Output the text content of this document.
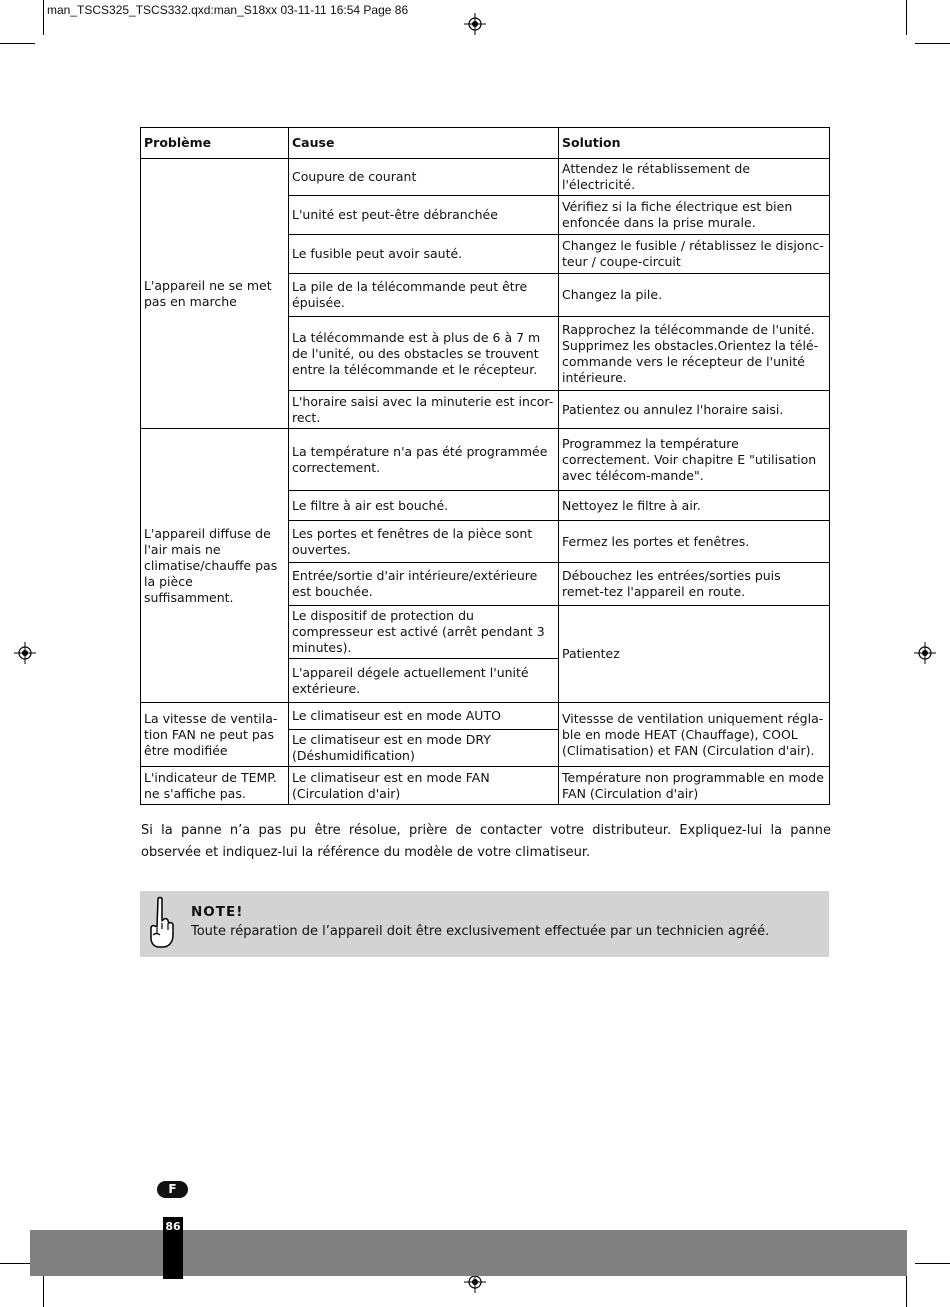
man_TSCS325_TSCS332.qxd:man_S18xx 03-11-11 16:54 Page 86
Problème	Cause	Solution
L'appareil ne se met pas en marche	Coupure de courant	Attendez le rétablissement de l'électricité.
	L'unité est peut-être débranchée	Vérifiez si la fiche électrique est bien enfoncée dans la prise murale.
	Le fusible peut avoir sauté.	Changez le fusible / rétablissez le disjonc-teur / coupe-circuit
	La pile de la télécommande peut être épuisée.	Changez la pile.
	La télécommande est à plus de 6 à 7 m de l'unité, ou des obstacles se trouvent entre la télécommande et le récepteur.	Rapprochez la télécommande de l'unité. Supprimez les obstacles.Orientez la télé-commande vers le récepteur de l'unité intérieure.
	L'horaire saisi avec la minuterie est incor-rect.	Patientez ou annulez l'horaire saisi.
L'appareil diffuse de l'air mais ne climatise/chauffe pas la pièce suffisamment.	La température n'a pas été programmée correctement.	Programmez la température correctement. Voir chapitre E "utilisation avec télécom-mande".
	Le filtre à air est bouché.	Nettoyez le filtre à air.
	Les portes et fenêtres de la pièce sont ouvertes.	Fermez les portes et fenêtres.
	Entrée/sortie d'air intérieure/extérieure est bouchée.	Débouchez les entrées/sorties puis remet-tez l'appareil en route.
	Le dispositif de protection du compresseur est activé (arrêt pendant 3 minutes).	Patientez
	L'appareil dégele actuellement l'unité extérieure.	
La vitesse de ventila-tion FAN ne peut pas être modifiée	Le climatiseur est en mode AUTO	Vitessse de ventilation uniquement régla-ble en mode HEAT (Chauffage), COOL (Climatisation) et FAN (Circulation d'air).
	Le climatiseur est en mode DRY (Déshumidification)	
L'indicateur de TEMP. ne s'affiche pas.	Le climatiseur est en mode FAN (Circulation d'air)	Température non programmable en mode FAN (Circulation d'air)
Si la panne n’a pas pu être résolue, prière de contacter votre distributeur. Expliquez-lui la panne observée et indiquez-lui la référence du modèle de votre climatiseur.
NOTE!
Toute réparation de l’appareil doit être exclusivement effectuée par un technicien agréé.
F
86
